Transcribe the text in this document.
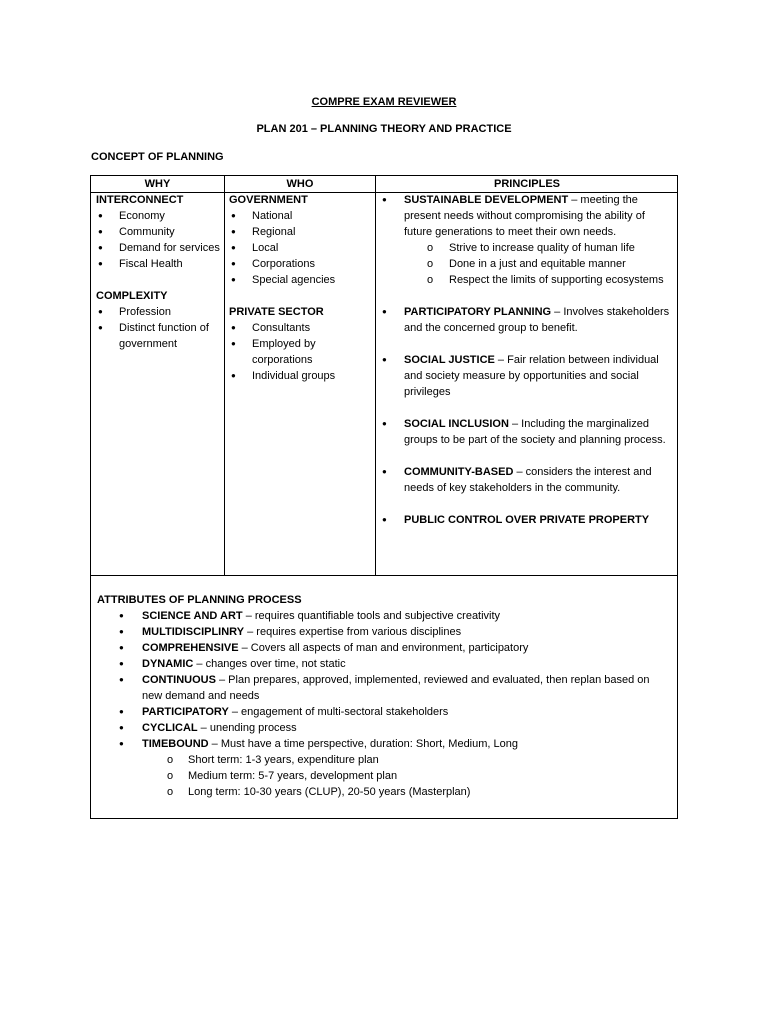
COMPRE EXAM REVIEWER
PLAN 201 – PLANNING THEORY AND PRACTICE
CONCEPT OF PLANNING
WHY	WHO	PRINCIPLES
INTERCONNECT
● Economy
● Community
● Demand for services
● Fiscal Health
COMPLEXITY
● Profession
● Distinct function of government
GOVERNMENT
● National
● Regional
● Local
● Corporations
● Special agencies
PRIVATE SECTOR
● Consultants
● Employed by corporations
● Individual groups
● SUSTAINABLE DEVELOPMENT – meeting the present needs without compromising the ability of future generations to meet their own needs.
o Strive to increase quality of human life
o Done in a just and equitable manner
o Respect the limits of supporting ecosystems
● PARTICIPATORY PLANNING – Involves stakeholders and the concerned group to benefit.
● SOCIAL JUSTICE – Fair relation between individual and society measure by opportunities and social privileges
● SOCIAL INCLUSION – Including the marginalized groups to be part of the society and planning process.
● COMMUNITY-BASED – considers the interest and needs of key stakeholders in the community.
● PUBLIC CONTROL OVER PRIVATE PROPERTY
ATTRIBUTES OF PLANNING PROCESS
● SCIENCE AND ART – requires quantifiable tools and subjective creativity
● MULTIDISCIPLINRY – requires expertise from various disciplines
● COMPREHENSIVE – Covers all aspects of man and environment, participatory
● DYNAMIC – changes over time, not static
● CONTINUOUS – Plan prepares, approved, implemented, reviewed and evaluated, then replan based on new demand and needs
● PARTICIPATORY – engagement of multi-sectoral stakeholders
● CYCLICAL – unending process
● TIMEBOUND – Must have a time perspective, duration: Short, Medium, Long
o Short term: 1-3 years, expenditure plan
o Medium term: 5-7 years, development plan
o Long term: 10-30 years (CLUP), 20-50 years (Masterplan)
